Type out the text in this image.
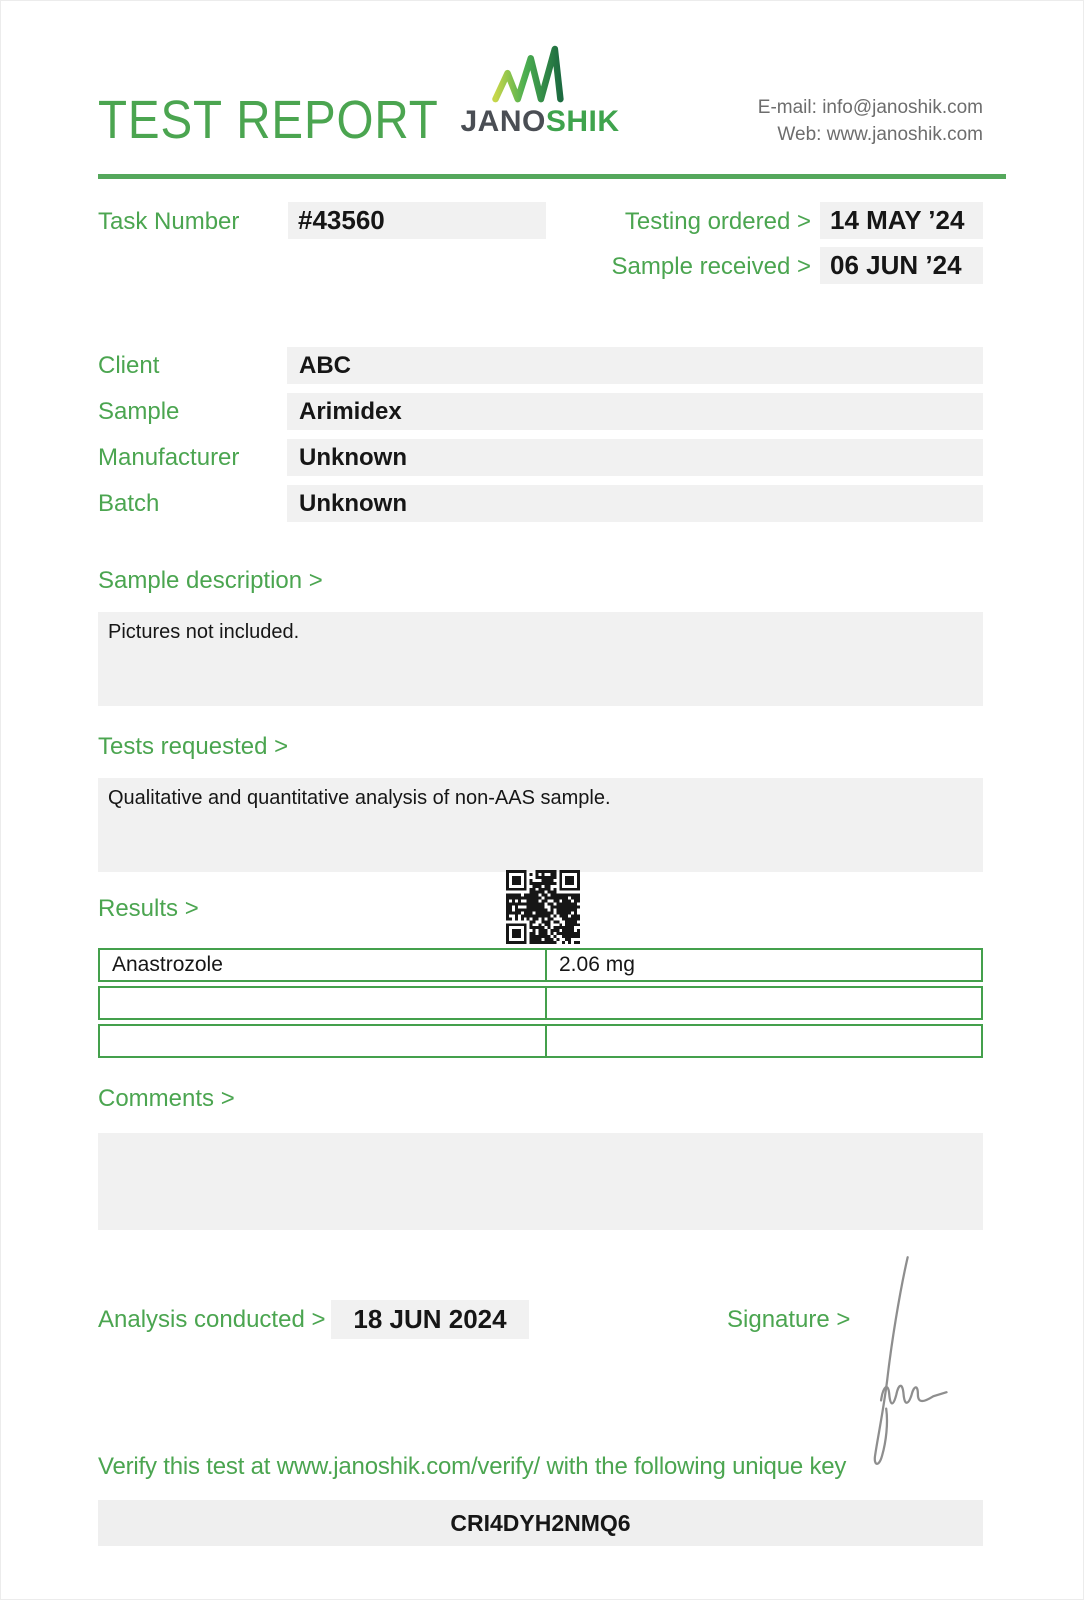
TEST REPORT JANOSHIK	E-mail: info@janoshik.com
Web: www.janoshik.com
Task Number	#43560	Testing ordered > 14 MAY ’24
Sample received > 06 JUN ’24
Client	ABC
Sample	Arimidex
Manufacturer	Unknown
Batch	Unknown
Sample description >
Pictures not included.
Tests requested >
Qualitative and quantitative analysis of non-AAS sample.
Results >
Anastrozole	2.06 mg
Comments >
Analysis conducted >	18 JUN 2024	Signature >
Verify this test at www.janoshik.com/verify/ with the following unique key
CRI4DYH2NMQ6
